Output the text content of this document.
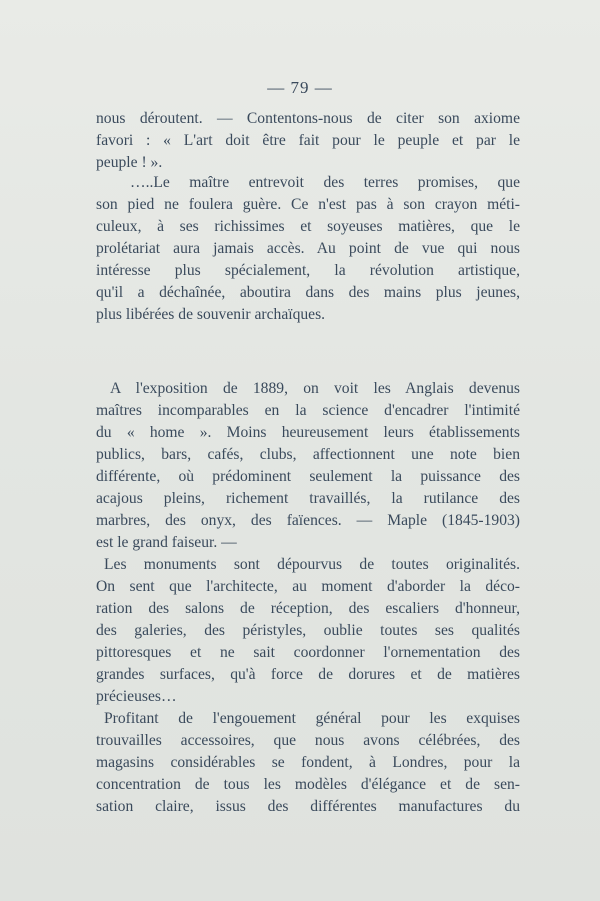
— 79 —
nous déroutent. — Contentons-nous de citer son axiome
favori : « L'art doit être fait pour le peuple et par le
peuple ! ».
…..Le maître entrevoit des terres promises, que
son pied ne foulera guère. Ce n'est pas à son crayon méti-
culeux, à ses richissimes et soyeuses matières, que le
prolétariat aura jamais accès. Au point de vue qui nous
intéresse plus spécialement, la révolution artistique,
qu'il a déchaînée, aboutira dans des mains plus jeunes,
plus libérées de souvenir archaïques.
A l'exposition de 1889, on voit les Anglais devenus
maîtres incomparables en la science d'encadrer l'intimité
du « home ». Moins heureusement leurs établissements
publics, bars, cafés, clubs, affectionnent une note bien
différente, où prédominent seulement la puissance des
acajous pleins, richement travaillés, la rutilance des
marbres, des onyx, des faïences. — Maple (1845-1903)
est le grand faiseur. —
Les monuments sont dépourvus de toutes originalités.
On sent que l'architecte, au moment d'aborder la déco-
ration des salons de réception, des escaliers d'honneur,
des galeries, des péristyles, oublie toutes ses qualités
pittoresques et ne sait coordonner l'ornementation des
grandes surfaces, qu'à force de dorures et de matières
précieuses…
Profitant de l'engouement général pour les exquises
trouvailles accessoires, que nous avons célébrées, des
magasins considérables se fondent, à Londres, pour la
concentration de tous les modèles d'élégance et de sen-
sation claire, issus des différentes manufactures du
